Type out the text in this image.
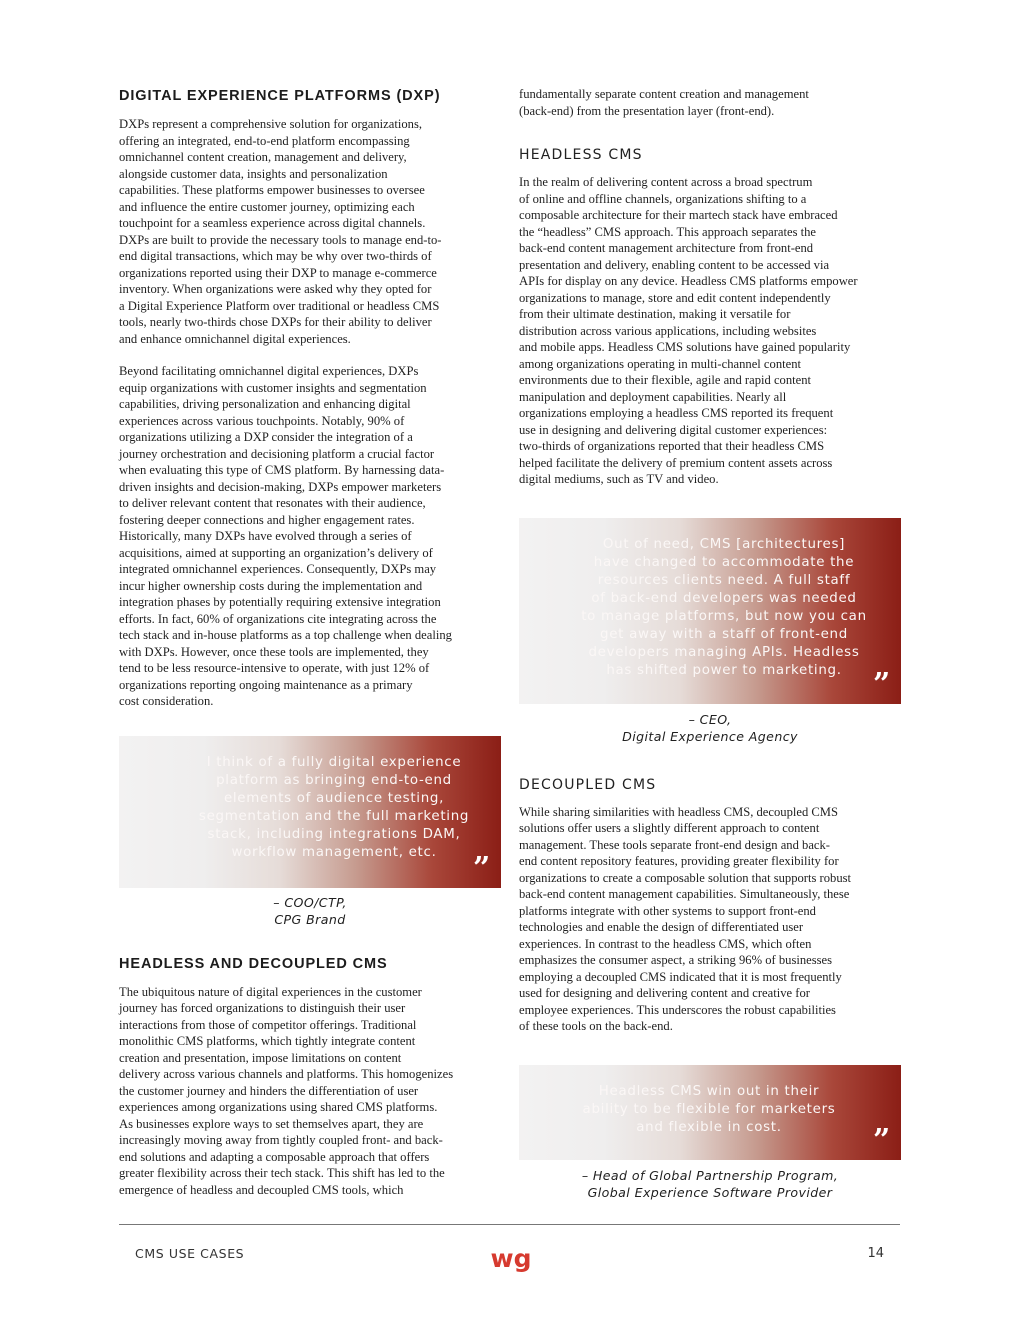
DIGITAL EXPERIENCE PLATFORMS (DXP)

DXPs represent a comprehensive solution for organizations,
offering an integrated, end-to-end platform encompassing
omnichannel content creation, management and delivery,
alongside customer data, insights and personalization
capabilities. These platforms empower businesses to oversee
and influence the entire customer journey, optimizing each
touchpoint for a seamless experience across digital channels.
DXPs are built to provide the necessary tools to manage end-to-
end digital transactions, which may be why over two-thirds of
organizations reported using their DXP to manage e-commerce
inventory. When organizations were asked why they opted for
a Digital Experience Platform over traditional or headless CMS
tools, nearly two-thirds chose DXPs for their ability to deliver
and enhance omnichannel digital experiences.

Beyond facilitating omnichannel digital experiences, DXPs
equip organizations with customer insights and segmentation
capabilities, driving personalization and enhancing digital
experiences across various touchpoints. Notably, 90% of
organizations utilizing a DXP consider the integration of a
journey orchestration and decisioning platform a crucial factor
when evaluating this type of CMS platform. By harnessing data-
driven insights and decision-making, DXPs empower marketers
to deliver relevant content that resonates with their audience,
fostering deeper connections and higher engagement rates.
Historically, many DXPs have evolved through a series of
acquisitions, aimed at supporting an organization’s delivery of
integrated omnichannel experiences. Consequently, DXPs may
incur higher ownership costs during the implementation and
integration phases by potentially requiring extensive integration
efforts. In fact, 60% of organizations cite integrating across the
tech stack and in-house platforms as a top challenge when dealing
with DXPs. However, once these tools are implemented, they
tend to be less resource-intensive to operate, with just 12% of
organizations reporting ongoing maintenance as a primary
cost consideration.

I think of a fully digital experience
platform as bringing end-to-end
elements of audience testing,
segmentation and the full marketing
stack, including integrations DAM,
workflow management, etc.	”
– COO/CTP,
CPG Brand
HEADLESS AND DECOUPLED CMS

The ubiquitous nature of digital experiences in the customer
journey has forced organizations to distinguish their user
interactions from those of competitor offerings. Traditional
monolithic CMS platforms, which tightly integrate content
creation and presentation, impose limitations on content
delivery across various channels and platforms. This homogenizes
the customer journey and hinders the differentiation of user
experiences among organizations using shared CMS platforms.
As businesses explore ways to set themselves apart, they are
increasingly moving away from tightly coupled front- and back-
end solutions and adapting a composable approach that offers
greater flexibility across their tech stack. This shift has led to the
emergence of headless and decoupled CMS tools, which

fundamentally separate content creation and management
(back-end) from the presentation layer (front-end).

HEADLESS CMS

In the realm of delivering content across a broad spectrum
of online and offline channels, organizations shifting to a
composable architecture for their martech stack have embraced
the “headless” CMS approach. This approach separates the
back-end content management architecture from front-end
presentation and delivery, enabling content to be accessed via
APIs for display on any device. Headless CMS platforms empower
organizations to manage, store and edit content independently
from their ultimate destination, making it versatile for
distribution across various applications, including websites
and mobile apps. Headless CMS solutions have gained popularity
among organizations operating in multi-channel content
environments due to their flexible, agile and rapid content
manipulation and deployment capabilities. Nearly all
organizations employing a headless CMS reported its frequent
use in designing and delivering digital customer experiences:
two-thirds of organizations reported that their headless CMS
helped facilitate the delivery of premium content assets across
digital mediums, such as TV and video.

Out of need, CMS [architectures]
have changed to accommodate the
resources clients need. A full staff
of back-end developers was needed
to manage platforms, but now you can
get away with a staff of front-end
developers managing APIs. Headless
has shifted power to marketing.	”
– CEO,
Digital Experience Agency
DECOUPLED CMS

While sharing similarities with headless CMS, decoupled CMS
solutions offer users a slightly different approach to content
management. These tools separate front-end design and back-
end content repository features, providing greater flexibility for
organizations to create a composable solution that supports robust
back-end content management capabilities. Simultaneously, these
platforms integrate with other systems to support front-end
technologies and enable the design of differentiated user
experiences. In contrast to the headless CMS, which often
emphasizes the consumer aspect, a striking 96% of businesses
employing a decoupled CMS indicated that it is most frequently
used for designing and delivering content and creative for
employee experiences. This underscores the robust capabilities
of these tools on the back-end.

Headless CMS win out in their
ability to be flexible for marketers
and flexible in cost.	”
– Head of Global Partnership Program,
Global Experience Software Provider
CMS USE CASES	wg	14
